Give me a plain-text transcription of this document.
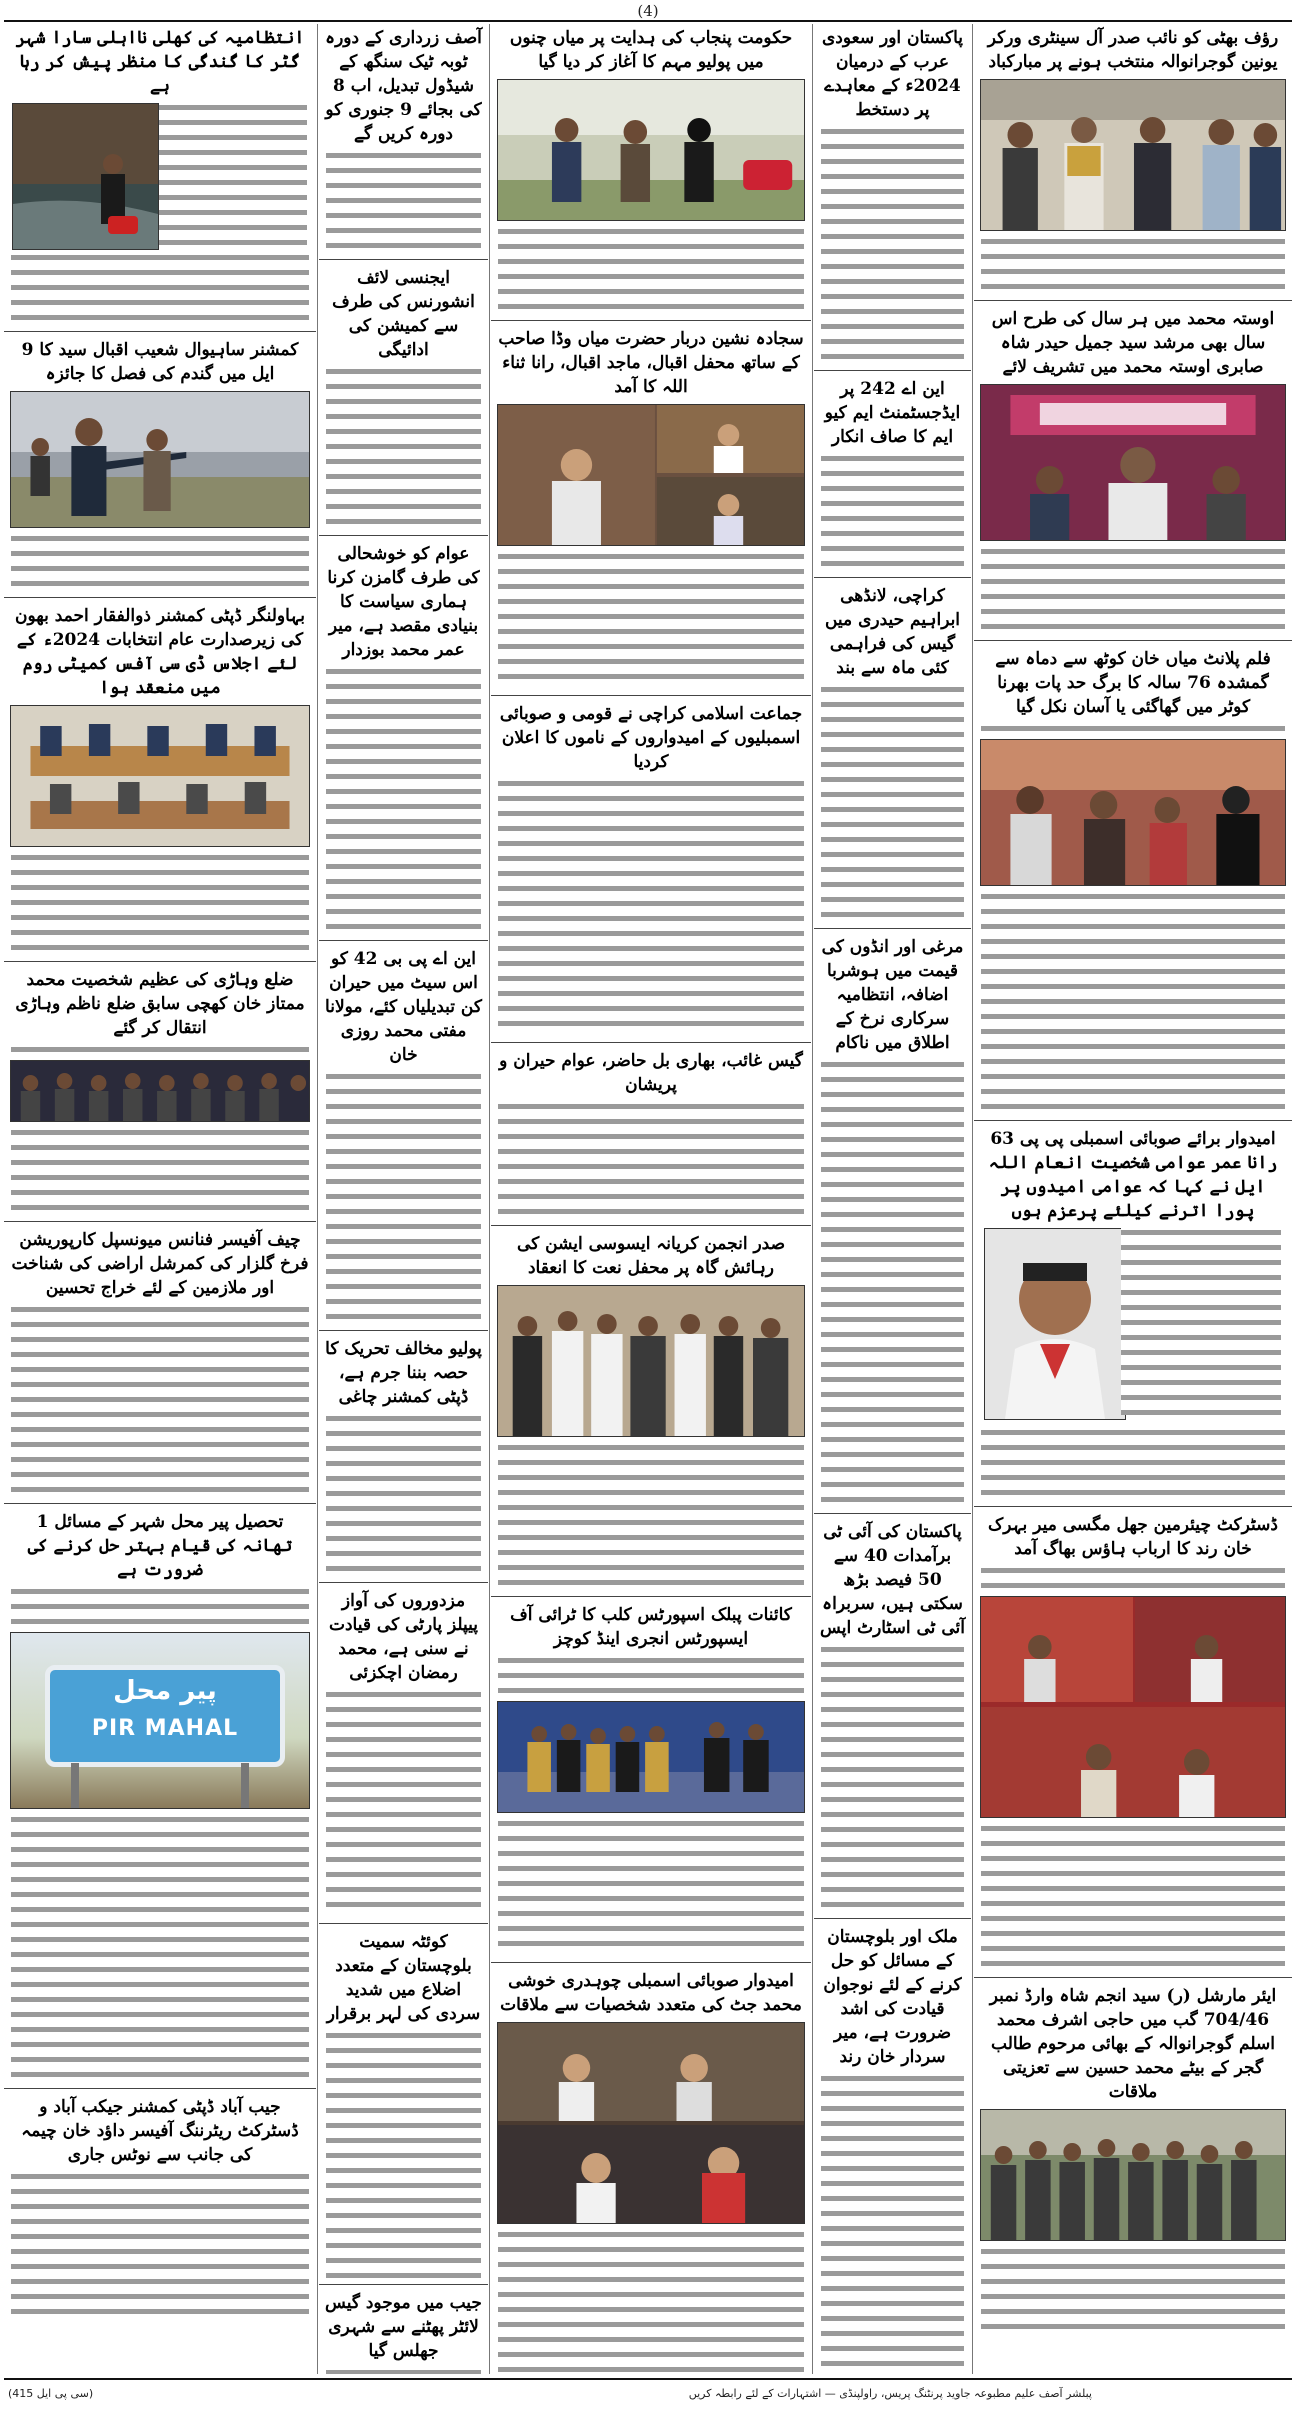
(4)
رؤف بھٹی کو نائب صدر آل سینٹری ورکر یونین گوجرانوالہ منتخب ہونے پر مبارکباد
اوستہ محمد میں ہر سال کی طرح اس سال بھی مرشد سید جمیل حیدر شاہ صابری اوستہ محمد میں تشریف لائے
فلم پلانٹ میاں خان کوٹھ سے دماہ سے گمشدہ 76 سالہ کا برگ حد پات بھرنا کوٹر میں گھاگئی یا آسان نکل گیا
امیدوار برائے صوبائی اسمبلی پی پی 63 رانا عمر عوامی شخصیت انعام اللہ ایل نے کہا کہ عوامی امیدوں پر پورا اترنے کیلئے پرعزم ہوں
ڈسٹرکٹ چیئرمین جھل مگسی میر بہرک خان رند کا ارباب ہاؤس بھاگ آمد
ایئر مارشل (ر) سید انجم شاہ وارڈ نمبر 704/46 گب میں حاجی اشرف محمد اسلم گوجرانوالہ کے بھائی مرحوم طالب گجر کے بیٹے محمد حسین سے تعزیتی ملاقات
پاکستان اور سعودی عرب کے درمیان 2024ء کے معاہدے پر دستخط
این اے 242 پر ایڈجسٹمنٹ ایم کیو ایم کا صاف انکار
کراچی، لانڈھی ابراہیم حیدری میں گیس کی فراہمی کئی ماہ سے بند
مرغی اور انڈوں کی قیمت میں ہوشربا اضافہ، انتظامیہ سرکاری نرخ کے اطلاق میں ناکام
پاکستان کی آئی ٹی برآمدات 40 سے 50 فیصد بڑھ سکتی ہیں، سربراہ آئی ٹی اسٹارٹ اپس
ملک اور بلوچستان کے مسائل کو حل کرنے کے لئے نوجوان قیادت کی اشد ضرورت ہے، میر سردار خان رند
حکومت پنجاب کی ہدایت پر میاں چنوں میں پولیو مہم کا آغاز کر دیا گیا
سجادہ نشین دربار حضرت میاں وڈا صاحب کے ساتھ محفل اقبال، ماجد اقبال، رانا ثناء اللہ کا آمد
جماعت اسلامی کراچی نے قومی و صوبائی اسمبلیوں کے امیدواروں کے ناموں کا اعلان کردیا
گیس غائب، بھاری بل حاضر، عوام حیران و پریشان
صدر انجمن کریانہ ایسوسی ایشن کی رہائش گاہ پر محفل نعت کا انعقاد
کائنات پبلک اسپورٹس کلب کا ٹرائی آف ایسپورٹس انجری اینڈ کوچز
امیدوار صوبائی اسمبلی چوہدری خوشی محمد جٹ کی متعدد شخصیات سے ملاقات
آصف زرداری کے دورہ ٹوبہ ٹیک سنگھ کے شیڈول تبدیل، اب 8 کی بجائے 9 جنوری کو دورہ کریں گے
ایجنسی لائف انشورنس کی طرف سے کمیشن کی ادائیگی
عوام کو خوشحالی کی طرف گامزن کرنا ہماری سیاست کا بنیادی مقصد ہے، میر عمر محمد بوزدار
این اے پی بی 42 کو اس سیٹ میں حیران کن تبدیلیاں کئے، مولانا مفتی محمد روزی خان
پولیو مخالف تحریک کا حصہ بننا جرم ہے، ڈپٹی کمشنر چاغی
مزدوروں کی آواز پیپلز پارٹی کی قیادت نے سنی ہے، محمد رمضان اچکزئی
کوئٹہ سمیت بلوچستان کے متعدد اضلاع میں شدید سردی کی لہر برقرار
جیب میں موجود گیس لائٹر پھٹنے سے شہری جھلس گیا
انتظامیہ کی کھلی نااہلی سارا شہر گٹر کا گندگی کا منظر پیش کر رہا ہے
کمشنر ساہیوال شعیب اقبال سید کا 9 ایل میں گندم کی فصل کا جائزہ
بہاولنگر ڈپٹی کمشنر ذوالفقار احمد بھون کی زیرصدارت عام انتخابات 2024ء کے لئے اجلاس ڈی سی آفس کمیٹی روم میں منعقد ہوا
ضلع وہاڑی کی عظیم شخصیت محمد ممتاز خان کھچی سابق ضلع ناظم وہاڑی انتقال کر گئے
چیف آفیسر فنانس میونسپل کارپوریشن فرخ گلزار کی کمرشل اراضی کی شناخت اور ملازمین کے لئے خراج تحسین
تحصیل پیر محل شہر کے مسائل 1 تھانہ کی قیام بہتر حل کرنے کی ضرورت ہے
پیر محل
PIR MAHAL
جیب آباد ڈپٹی کمشنر جیکب آباد و ڈسٹرکٹ ریٹرننگ آفیسر داؤد خان چیمہ کی جانب سے نوٹس جاری
پبلشر آصف علیم مطبوعہ جاوید پرنٹنگ پریس، راولپنڈی — اشتہارات کے لئے رابطہ کریں
(سی پی ایل 415)
